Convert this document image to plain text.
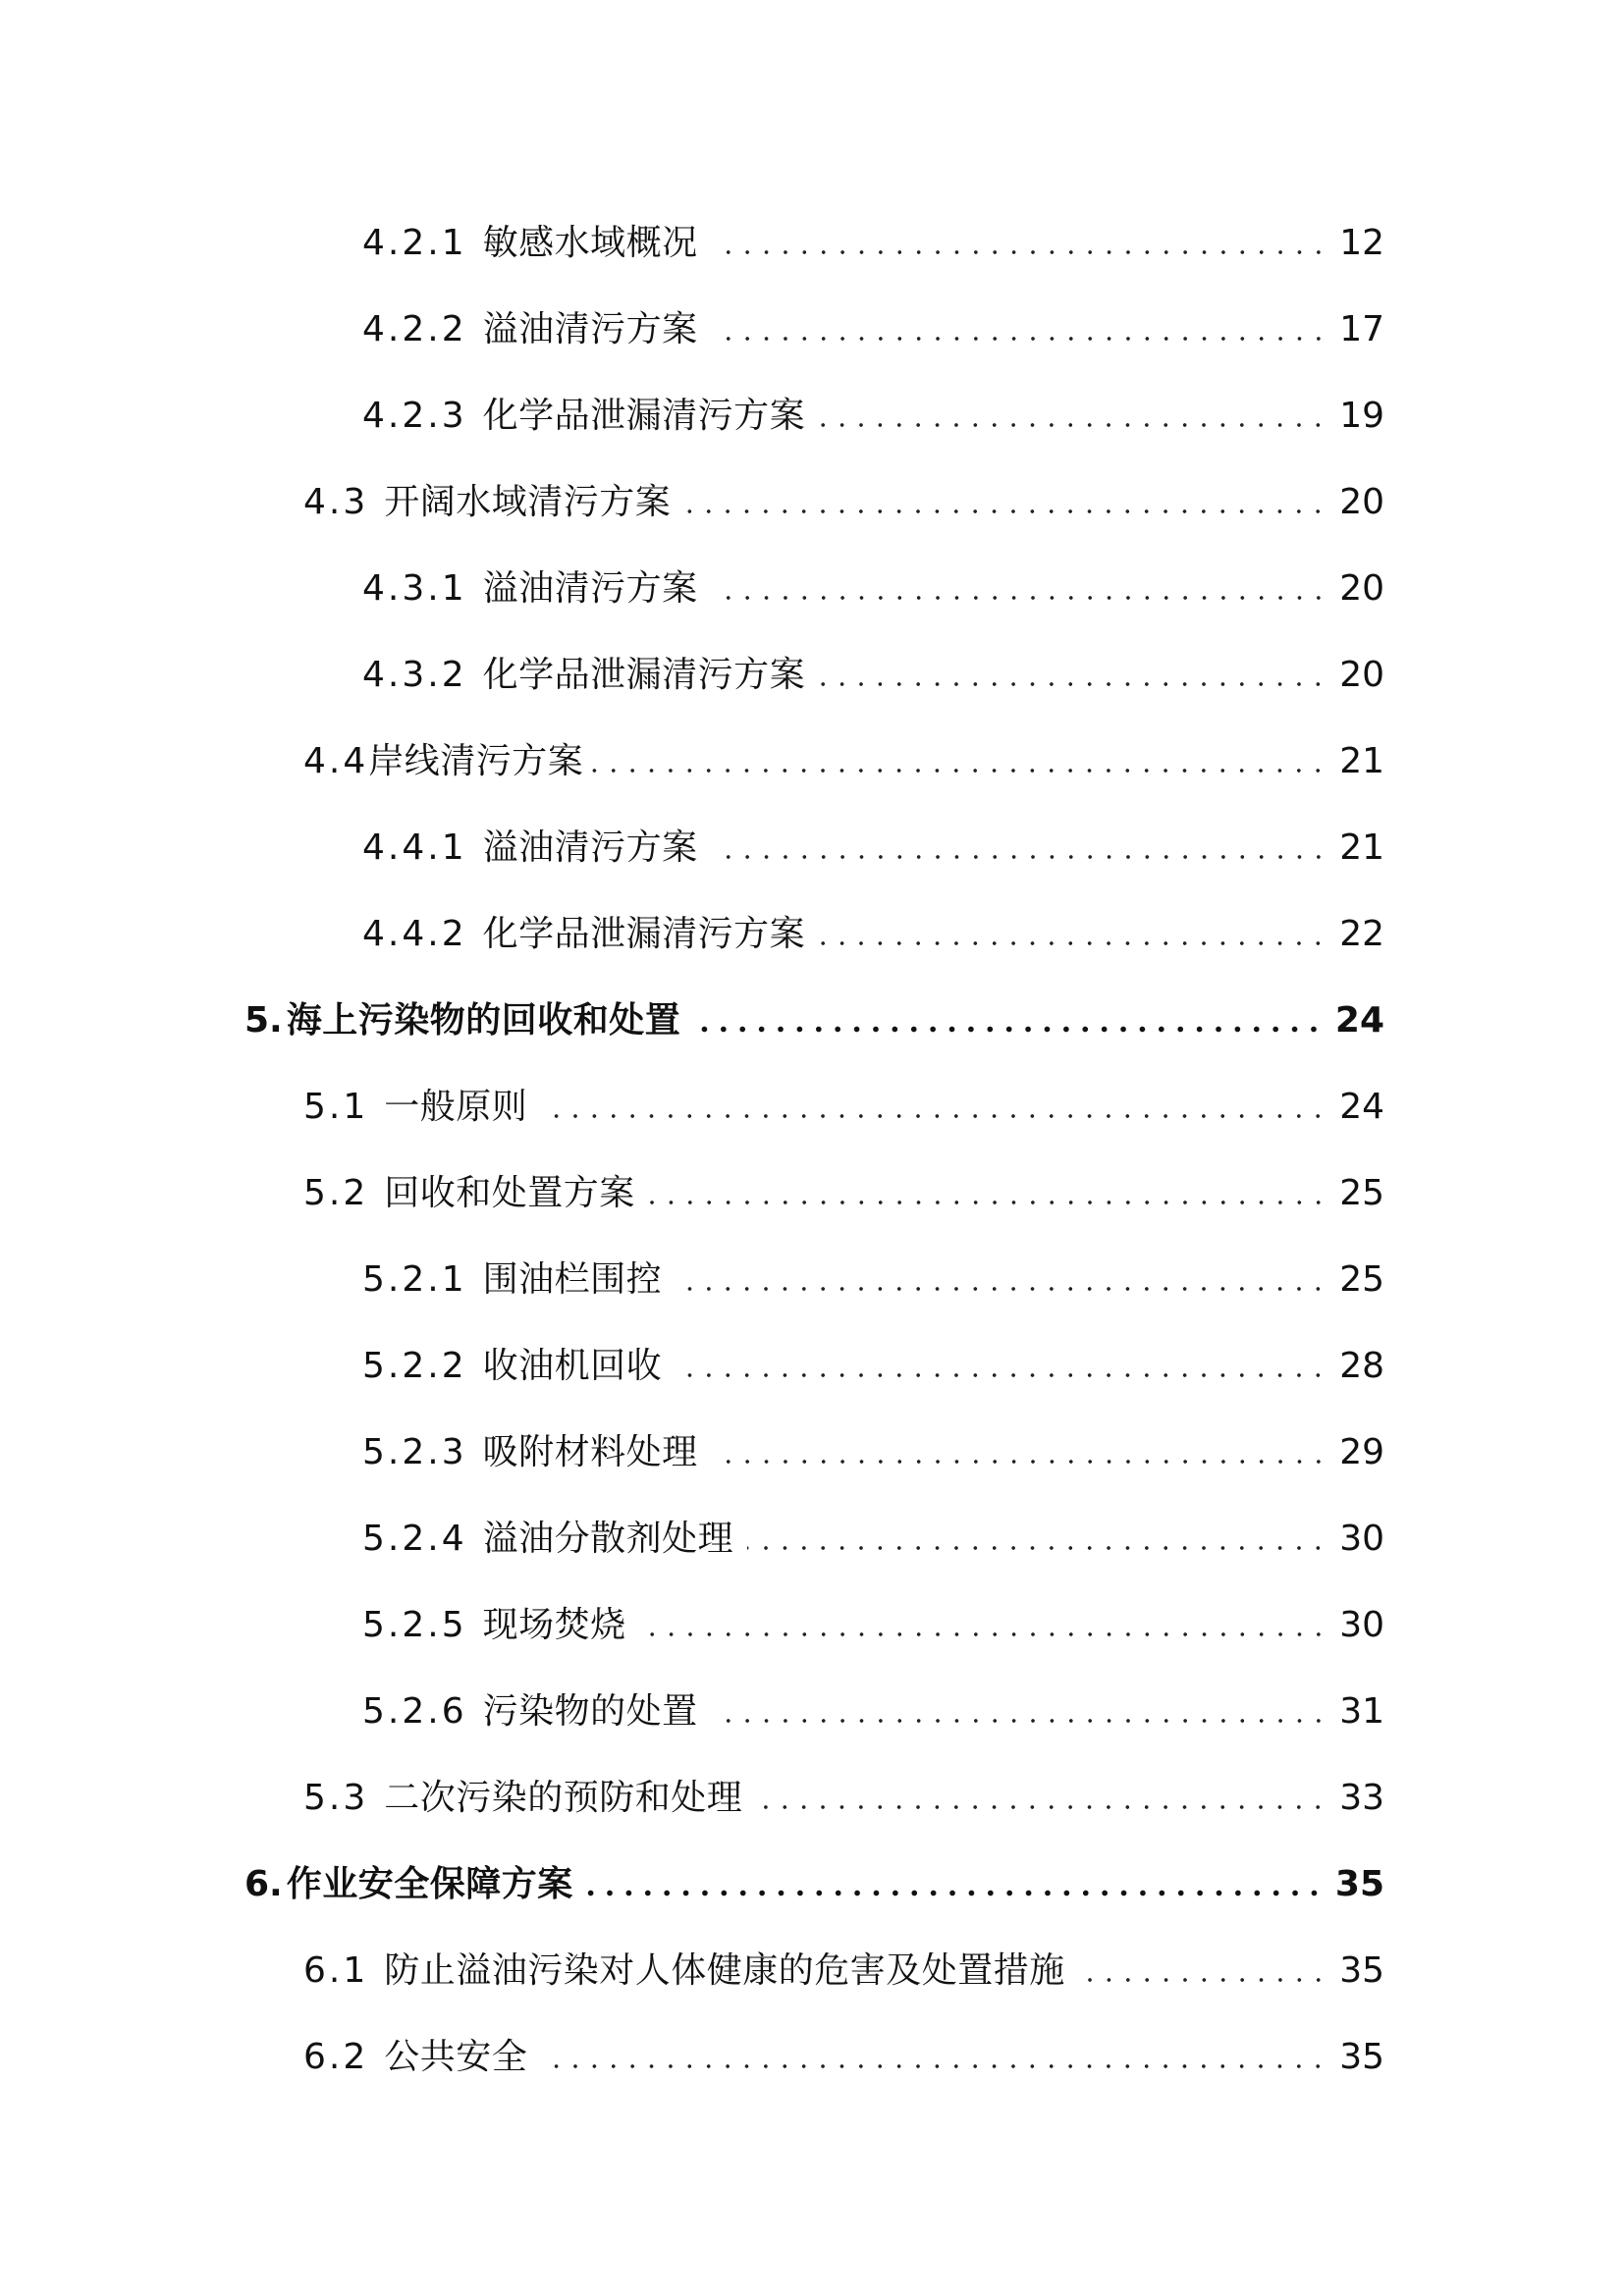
4.2.1 敏感水域概况	12
4.2.2 溢油清污方案	17
4.2.3 化学品泄漏清污方案	19
4.3 开阔水域清污方案	20
4.3.1 溢油清污方案	20
4.3.2 化学品泄漏清污方案	20
4.4 岸线清污方案	21
4.4.1 溢油清污方案	21
4.4.2 化学品泄漏清污方案	22
5. 海上污染物的回收和处置	24
5.1 一般原则	24
5.2 回收和处置方案	25
5.2.1 围油栏围控	25
5.2.2 收油机回收	28
5.2.3 吸附材料处理	29
5.2.4 溢油分散剂处理	30
5.2.5 现场焚烧	30
5.2.6 污染物的处置	31
5.3 二次污染的预防和处理	33
6. 作业安全保障方案	35
6.1 防止溢油污染对人体健康的危害及处置措施	35
6.2 公共安全	35
